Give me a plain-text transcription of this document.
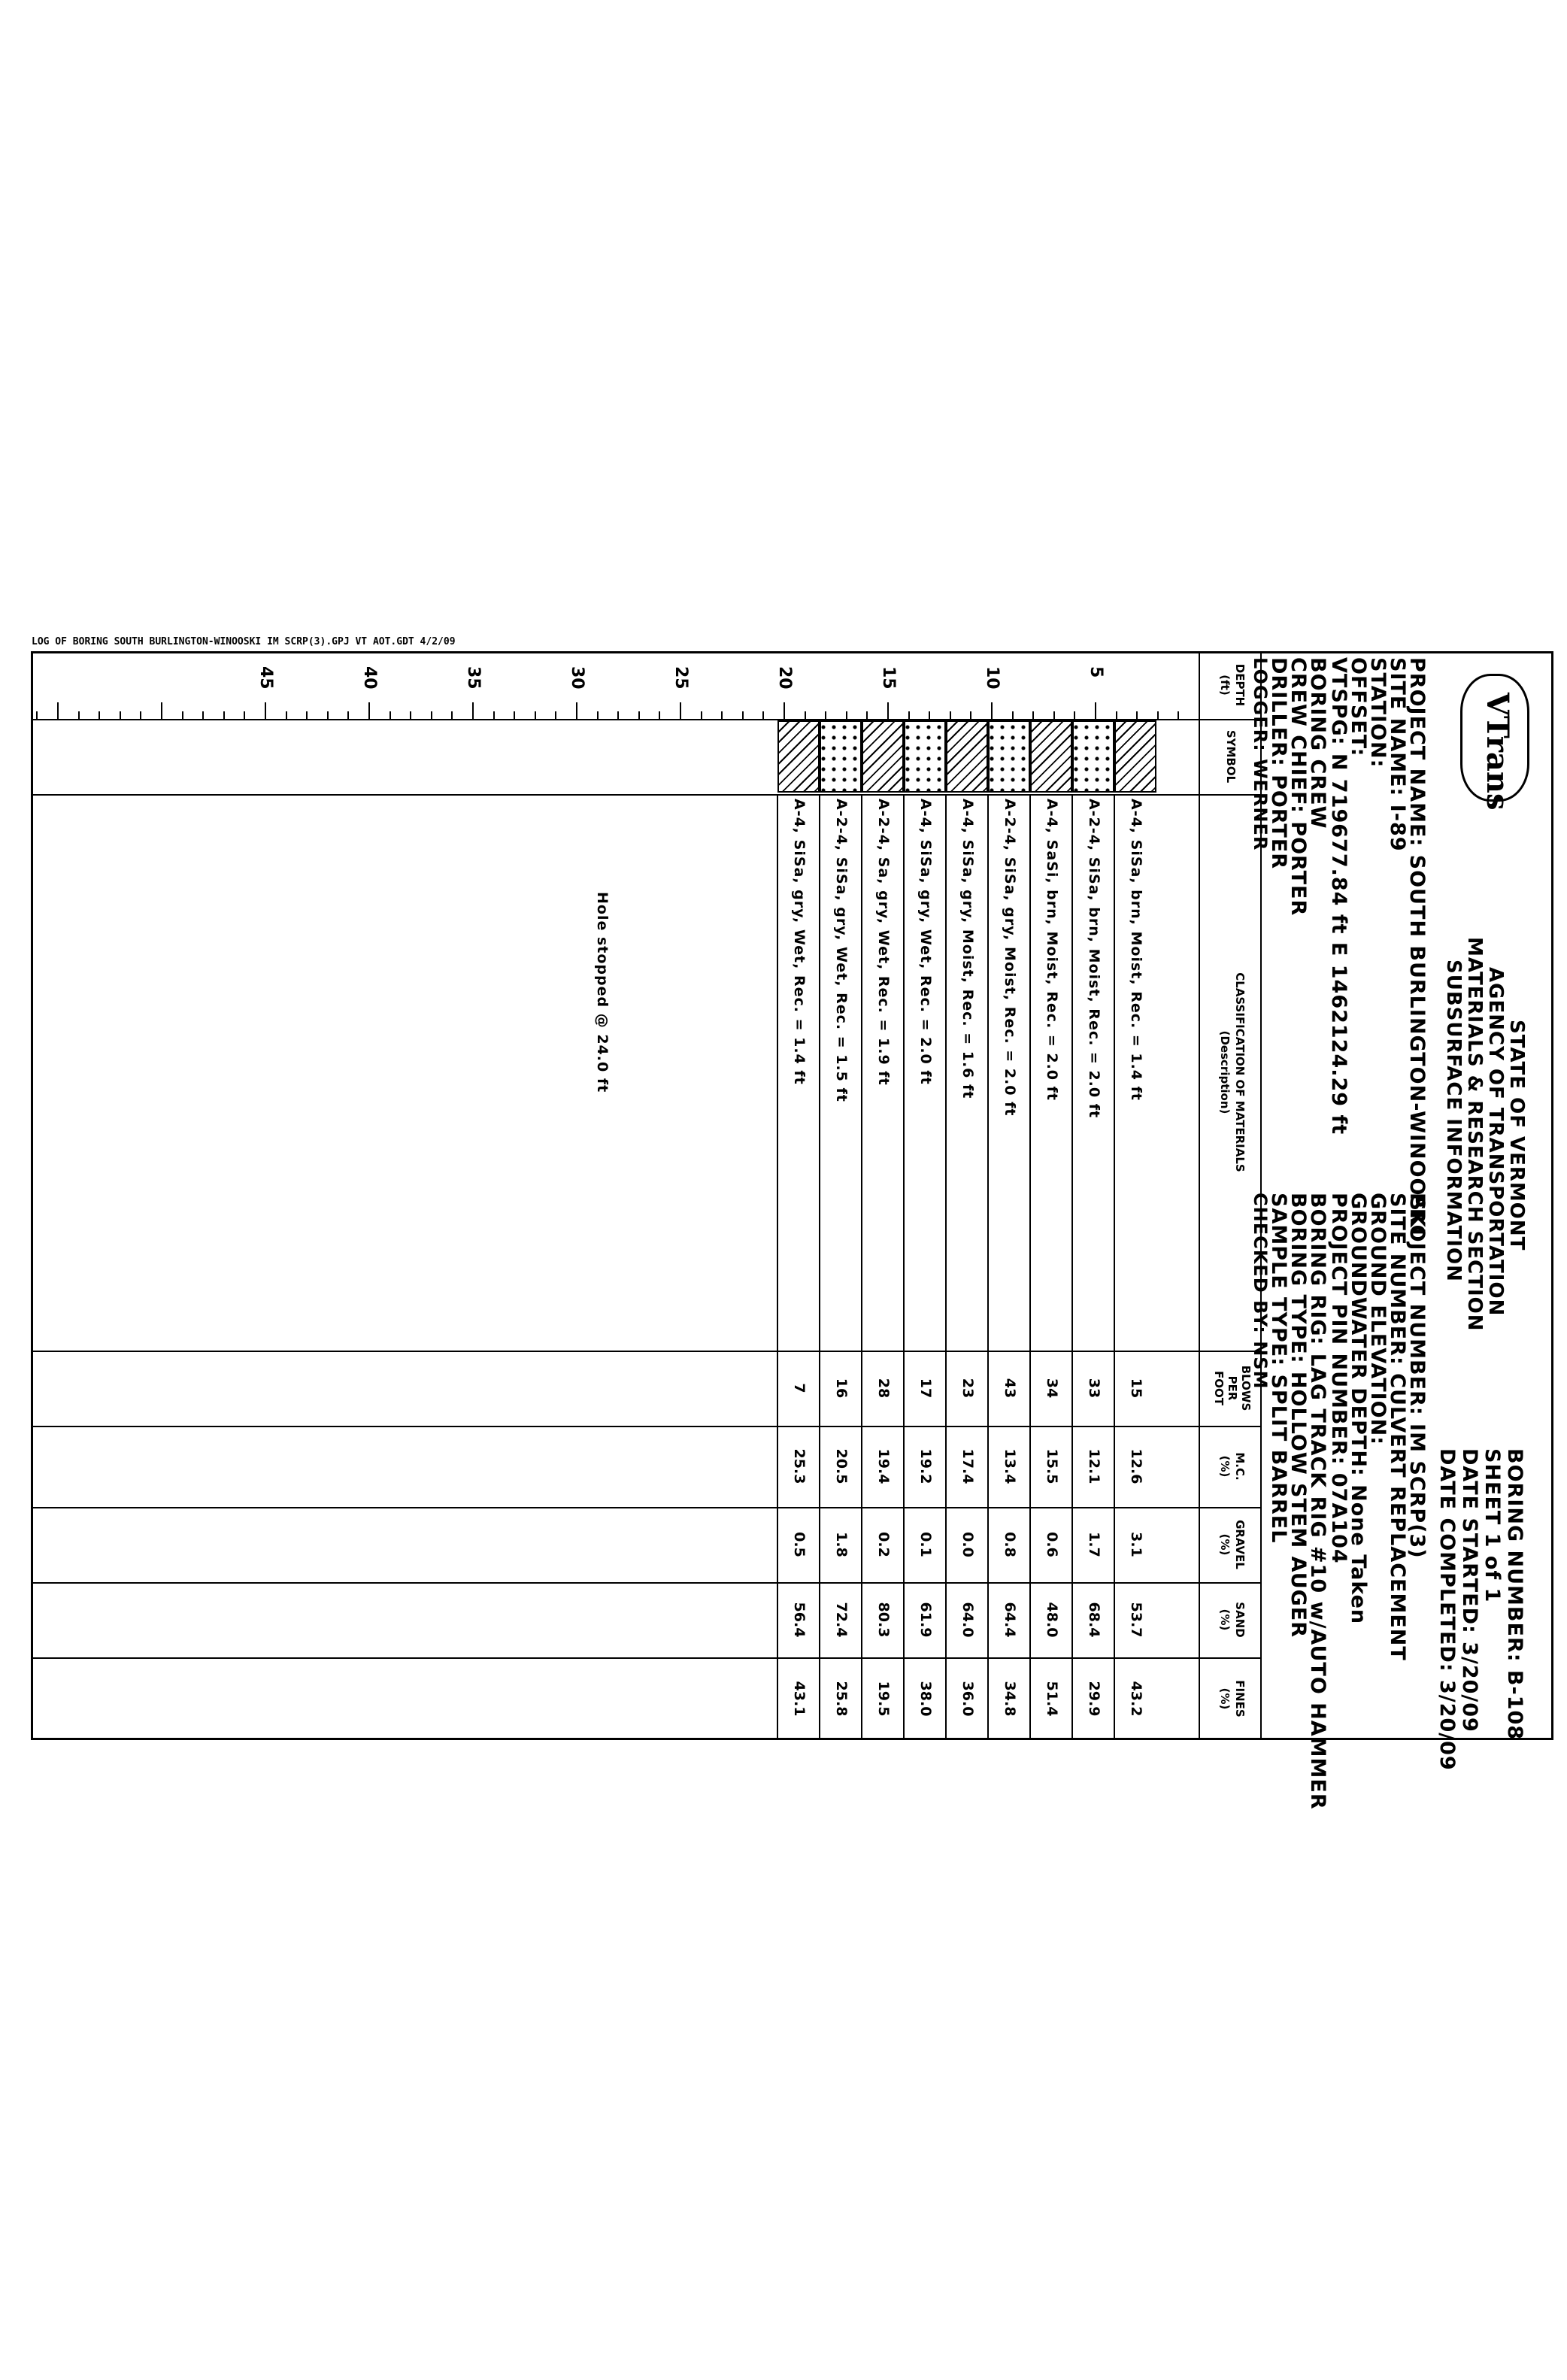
VTrans
STATE OF VERMONT
AGENCY OF TRANSPORTATION
MATERIALS & RESEARCH SECTION
SUBSURFACE INFORMATION
BORING NUMBER: B-108
SHEET 1 of 1
DATE STARTED: 3/20/09
DATE COMPLETED: 3/20/09
PROJECT NAME: SOUTH BURLINGTON-WINOOSKI
SITE NAME: I-89
STATION:
OFFSET:
VTSPG: N 719677.84 ft E 1462124.29 ft
BORING CREW
CREW CHIEF: PORTER
DRILLER: PORTER
LOGGER: WERNER
PROJECT NUMBER: IM SCRP(3)
SITE NUMBER: CULVERT REPLACEMENT
GROUND ELEVATION:
GROUNDWATER DEPTH: None Taken
PROJECT PIN NUMBER: 07A104
BORING RIG: LAG TRACK RIG #10 w/AUTO HAMMER
BORING TYPE: HOLLOW STEM AUGER
SAMPLE TYPE: SPLIT BARREL
CHECKED BY: NSM
DEPTH
(ft)
SYMBOL
CLASSIFICATION OF MATERIALS
(Description)
BLOWS
PER
FOOT
M.C.
(%)
GRAVEL
(%)
SAND
(%)
FINES
(%)
5
10
15
20
25
30
35
40
45
A-4, SiSa, brn, Moist, Rec. = 1.4 ft
15
12.6
3.1
53.7
43.2
A-2-4, SiSa, brn, Moist, Rec. = 2.0 ft
33
12.1
1.7
68.4
29.9
A-4, SaSi, brn, Moist, Rec. = 2.0 ft
34
15.5
0.6
48.0
51.4
A-2-4, SiSa, gry, Moist, Rec. = 2.0 ft
43
13.4
0.8
64.4
34.8
A-4, SiSa, gry, Moist, Rec. = 1.6 ft
23
17.4
0.0
64.0
36.0
A-4, SiSa, gry, Wet, Rec. = 2.0 ft
17
19.2
0.1
61.9
38.0
A-2-4, Sa, gry, Wet, Rec. = 1.9 ft
28
19.4
0.2
80.3
19.5
A-2-4, SiSa, gry, Wet, Rec. = 1.5 ft
16
20.5
1.8
72.4
25.8
A-4, SiSa, gry, Wet, Rec. = 1.4 ft
7
25.3
0.5
56.4
43.1
Hole stopped @ 24.0 ft
LOG OF BORING SOUTH BURLINGTON-WINOOSKI IM SCRP(3).GPJ VT AOT.GDT 4/2/09
